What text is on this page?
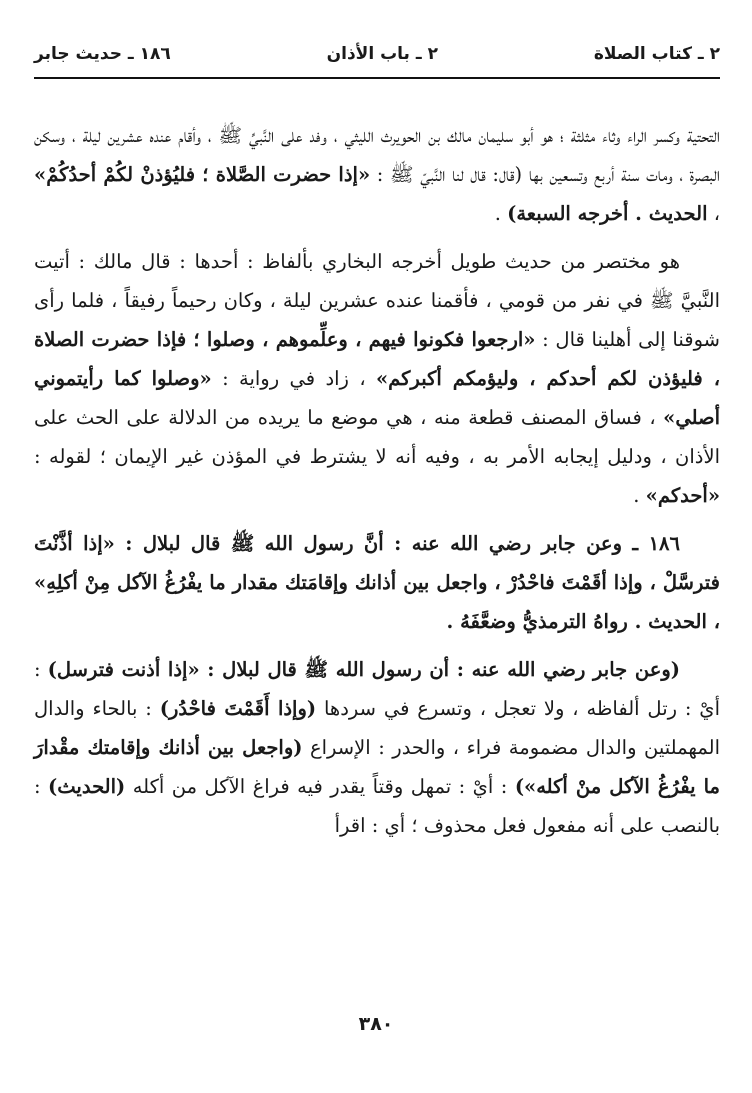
٢ ـ كتاب الصلاة
٢ ـ باب الأذان
١٨٦ ـ حديث جابر

التحتية وكسر الراء وثاء مثلثة ؛ هو أبو سليمان مالك بن الحويرث الليثي ، وفد على النَّبيِّ ﷺ ، وأقام عنده عشرين ليلة ، وسكن البصرة ، ومات سنة أربع وتسعين بها (قال: قال لنا النَّبيّ ﷺ : «إذا حضرت الصَّلاة ؛ فليُؤذنْ لكُمْ أحدُكُمْ» ، الحديث . أخرجه السبعة) .

هو مختصر من حديث طويل أخرجه البخاري بألفاظ : أحدها : قال مالك : أتيت النَّبيَّ ﷺ في نفر من قومي ، فأقمنا عنده عشرين ليلة ، وكان رحيماً رفيقاً ، فلما رأى شوقنا إلى أهلينا قال : «ارجعوا فكونوا فيهم ، وعلِّموهم ، وصلوا ؛ فإذا حضرت الصلاة ، فليؤذن لكم أحدكم ، وليؤمكم أكبركم» ، زاد في رواية : «وصلوا كما رأيتموني أصلي» ، فساق المصنف قطعة منه ، هي موضع ما يريده من الدلالة على الحث على الأذان ، ودليل إيجابه الأمر به ، وفيه أنه لا يشترط في المؤذن غير الإيمان ؛ لقوله : «أحدكم» .

١٨٦ ـ وعن جابر رضي الله عنه : أنَّ رسول الله ﷺ قال لبلال : «إذا أذَّنْتَ فترسَّلْ ، وإذا أقَمْتَ فاحْدُرْ ، واجعل بين أذانك وإقامَتك مقدار ما يفْرُغُ الآكل مِنْ أكلِهِ» ، الحديث . رواهُ الترمذيُّ وضعَّفَهُ .

(وعن جابر رضي الله عنه : أن رسول الله ﷺ قال لبلال : «إذا أذنت فترسل) : أيْ : رتل ألفاظه ، ولا تعجل ، وتسرع في سردها (وإذا أَقَمْتَ فاحْدُر) : بالحاء والدال المهملتين والدال مضمومة فراء ، والحدر : الإسراع (واجعل بين أذانك وإقامتك مقْدارَ ما يفْرُغُ الآكل منْ أكله») : أيْ : تمهل وقتاً يقدر فيه فراغ الآكل من أكله (الحديث) : بالنصب على أنه مفعول فعل محذوف ؛ أي : اقرأ

٣٨٠
